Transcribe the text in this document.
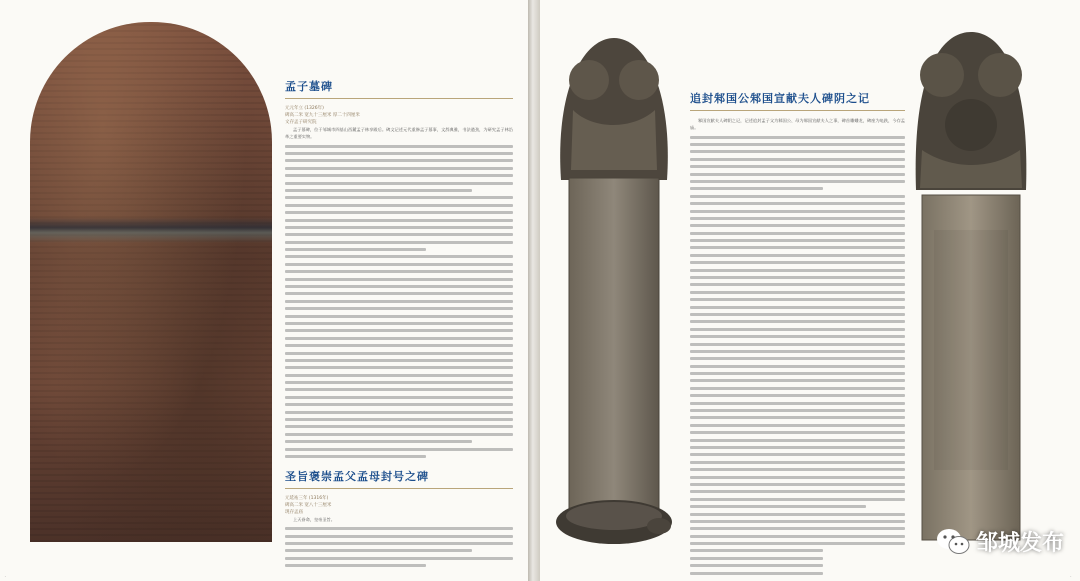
孟子墓碑
元元年立 (1326年)
碑高二米 宽九十三厘米 厚二十四厘米
文存孟子研究院

孟子墓碑，位于邹城市四基山西麓孟子林享殿后。碑文记述元代重修孟子墓事，文辞典雅，书法遒劲，为研究孟子林沿革之重要实物。

圣旨褒崇孟父孟母封号之碑
元延祐三年 (1316年)
碑高二米 宽八十三厘米
现存孟庙

上天眷命，皇帝圣旨。

·
追封邾国公邾国宣献夫人碑阴之记

邾国宣献夫人碑阴之记，记述追封孟子父为邾国公、母为邾国宣献夫人之事，碑首雕蟠龙，碑座为龟趺，今存孟庙。

邹城发布
·
